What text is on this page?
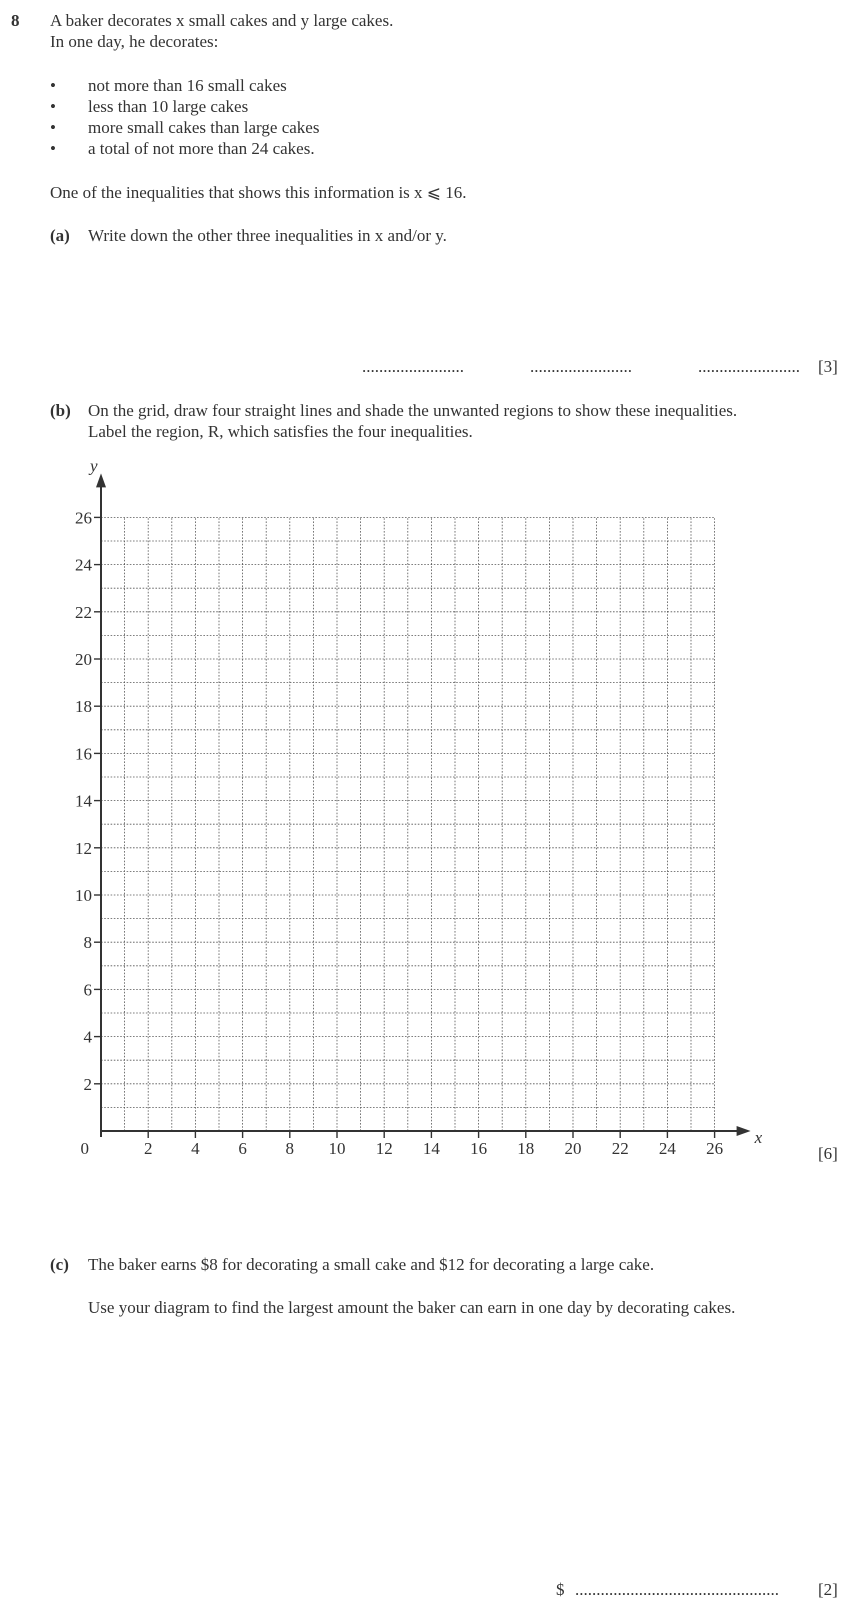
8 A baker decorates x small cakes and y large cakes.
In one day, he decorates:
• not more than 16 small cakes
• less than 10 large cakes
• more small cakes than large cakes
• a total of not more than 24 cakes.
One of the inequalities that shows this information is x ⩽ 16.
(a) Write down the other three inequalities in x and/or y.
........................	........................	........................ [3]
(b) On the grid, draw four straight lines and shade the unwanted regions to show these inequalities.
Label the region, R, which satisfies the four inequalities.
2 4 6 8 10 12 14 16 18 20 22 24 26
2
4
6
8
10
12
14
16
18
20
22
24
26
x
y
0	[6]
(c) The baker earns $8 for decorating a small cake and $12 for decorating a large cake.
Use your diagram to find the largest amount the baker can earn in one day by decorating cakes.
$ ................................................ [2]
